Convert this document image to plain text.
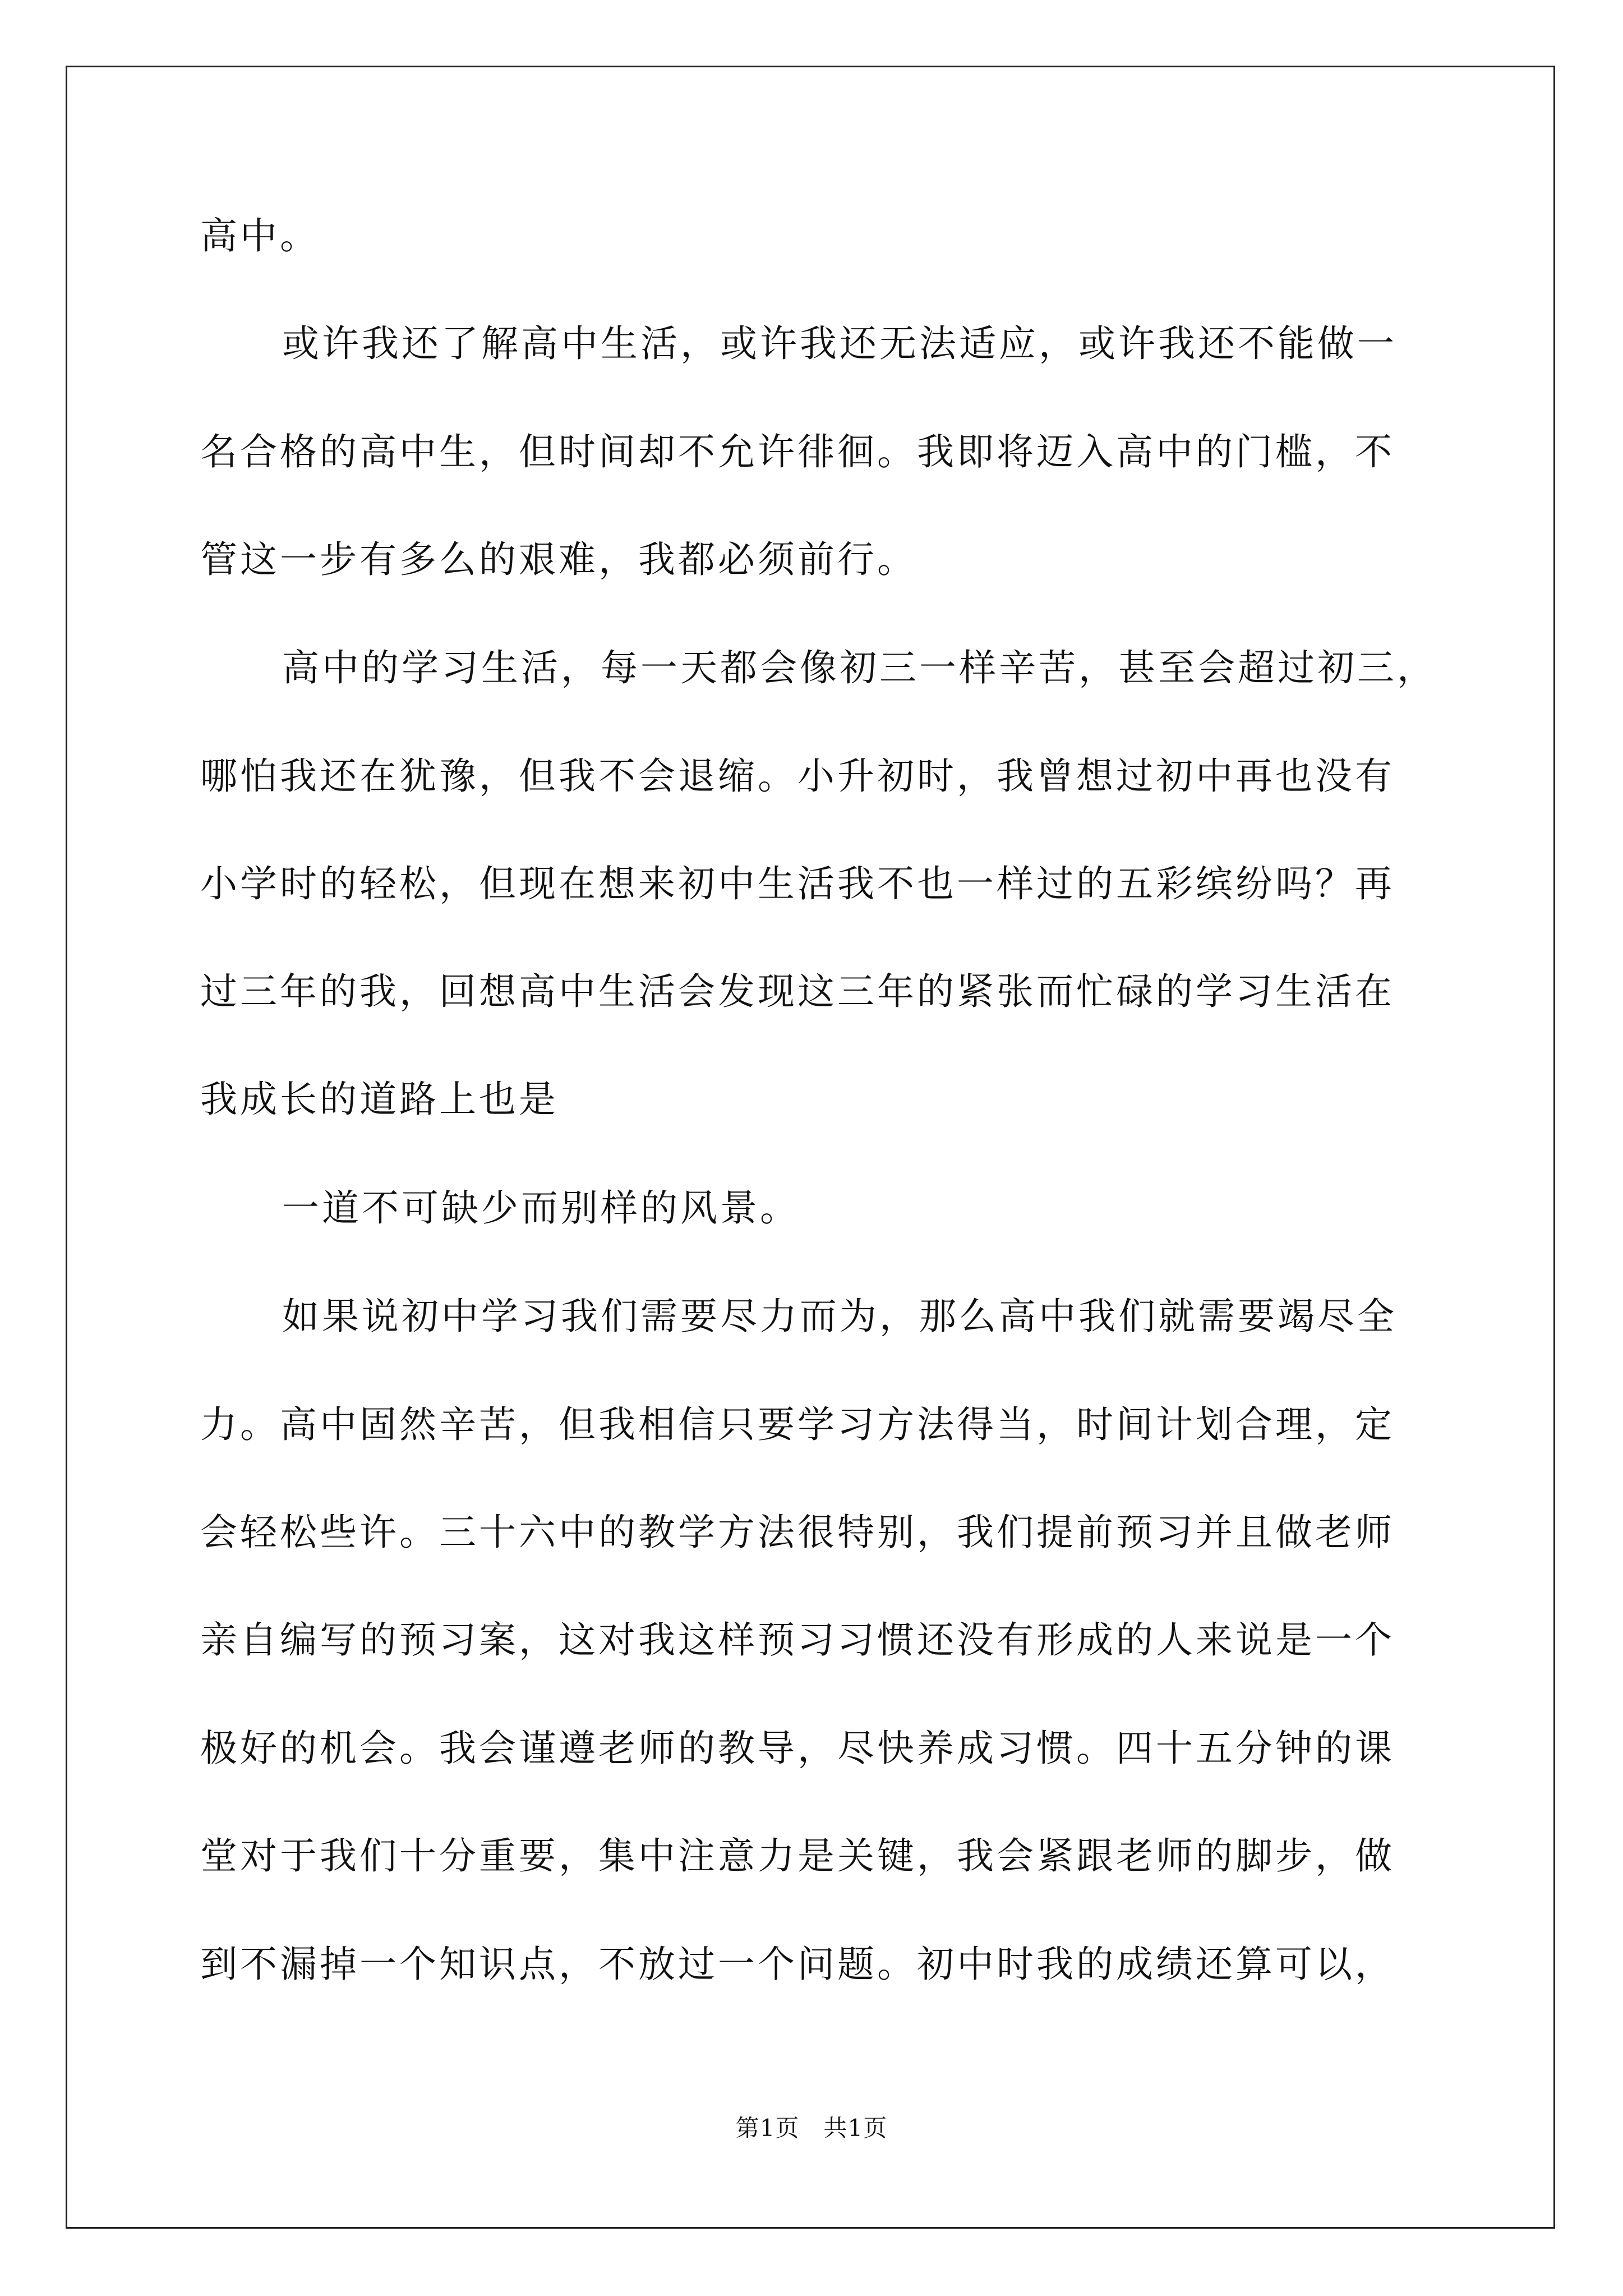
高中。
或许我还了解高中生活，或许我还无法适应，或许我还不能做一
名合格的高中生，但时间却不允许徘徊。我即将迈入高中的门槛，不
管这一步有多么的艰难，我都必须前行。
高中的学习生活，每一天都会像初三一样辛苦，甚至会超过初三，
哪怕我还在犹豫，但我不会退缩。小升初时，我曾想过初中再也没有
小学时的轻松，但现在想来初中生活我不也一样过的五彩缤纷吗？再
过三年的我，回想高中生活会发现这三年的紧张而忙碌的学习生活在
我成长的道路上也是
一道不可缺少而别样的风景。
如果说初中学习我们需要尽力而为，那么高中我们就需要竭尽全
力。高中固然辛苦，但我相信只要学习方法得当，时间计划合理，定
会轻松些许。三十六中的教学方法很特别，我们提前预习并且做老师
亲自编写的预习案，这对我这样预习习惯还没有形成的人来说是一个
极好的机会。我会谨遵老师的教导，尽快养成习惯。四十五分钟的课
堂对于我们十分重要，集中注意力是关键，我会紧跟老师的脚步，做
到不漏掉一个知识点，不放过一个问题。初中时我的成绩还算可以，
第1页　共1页
